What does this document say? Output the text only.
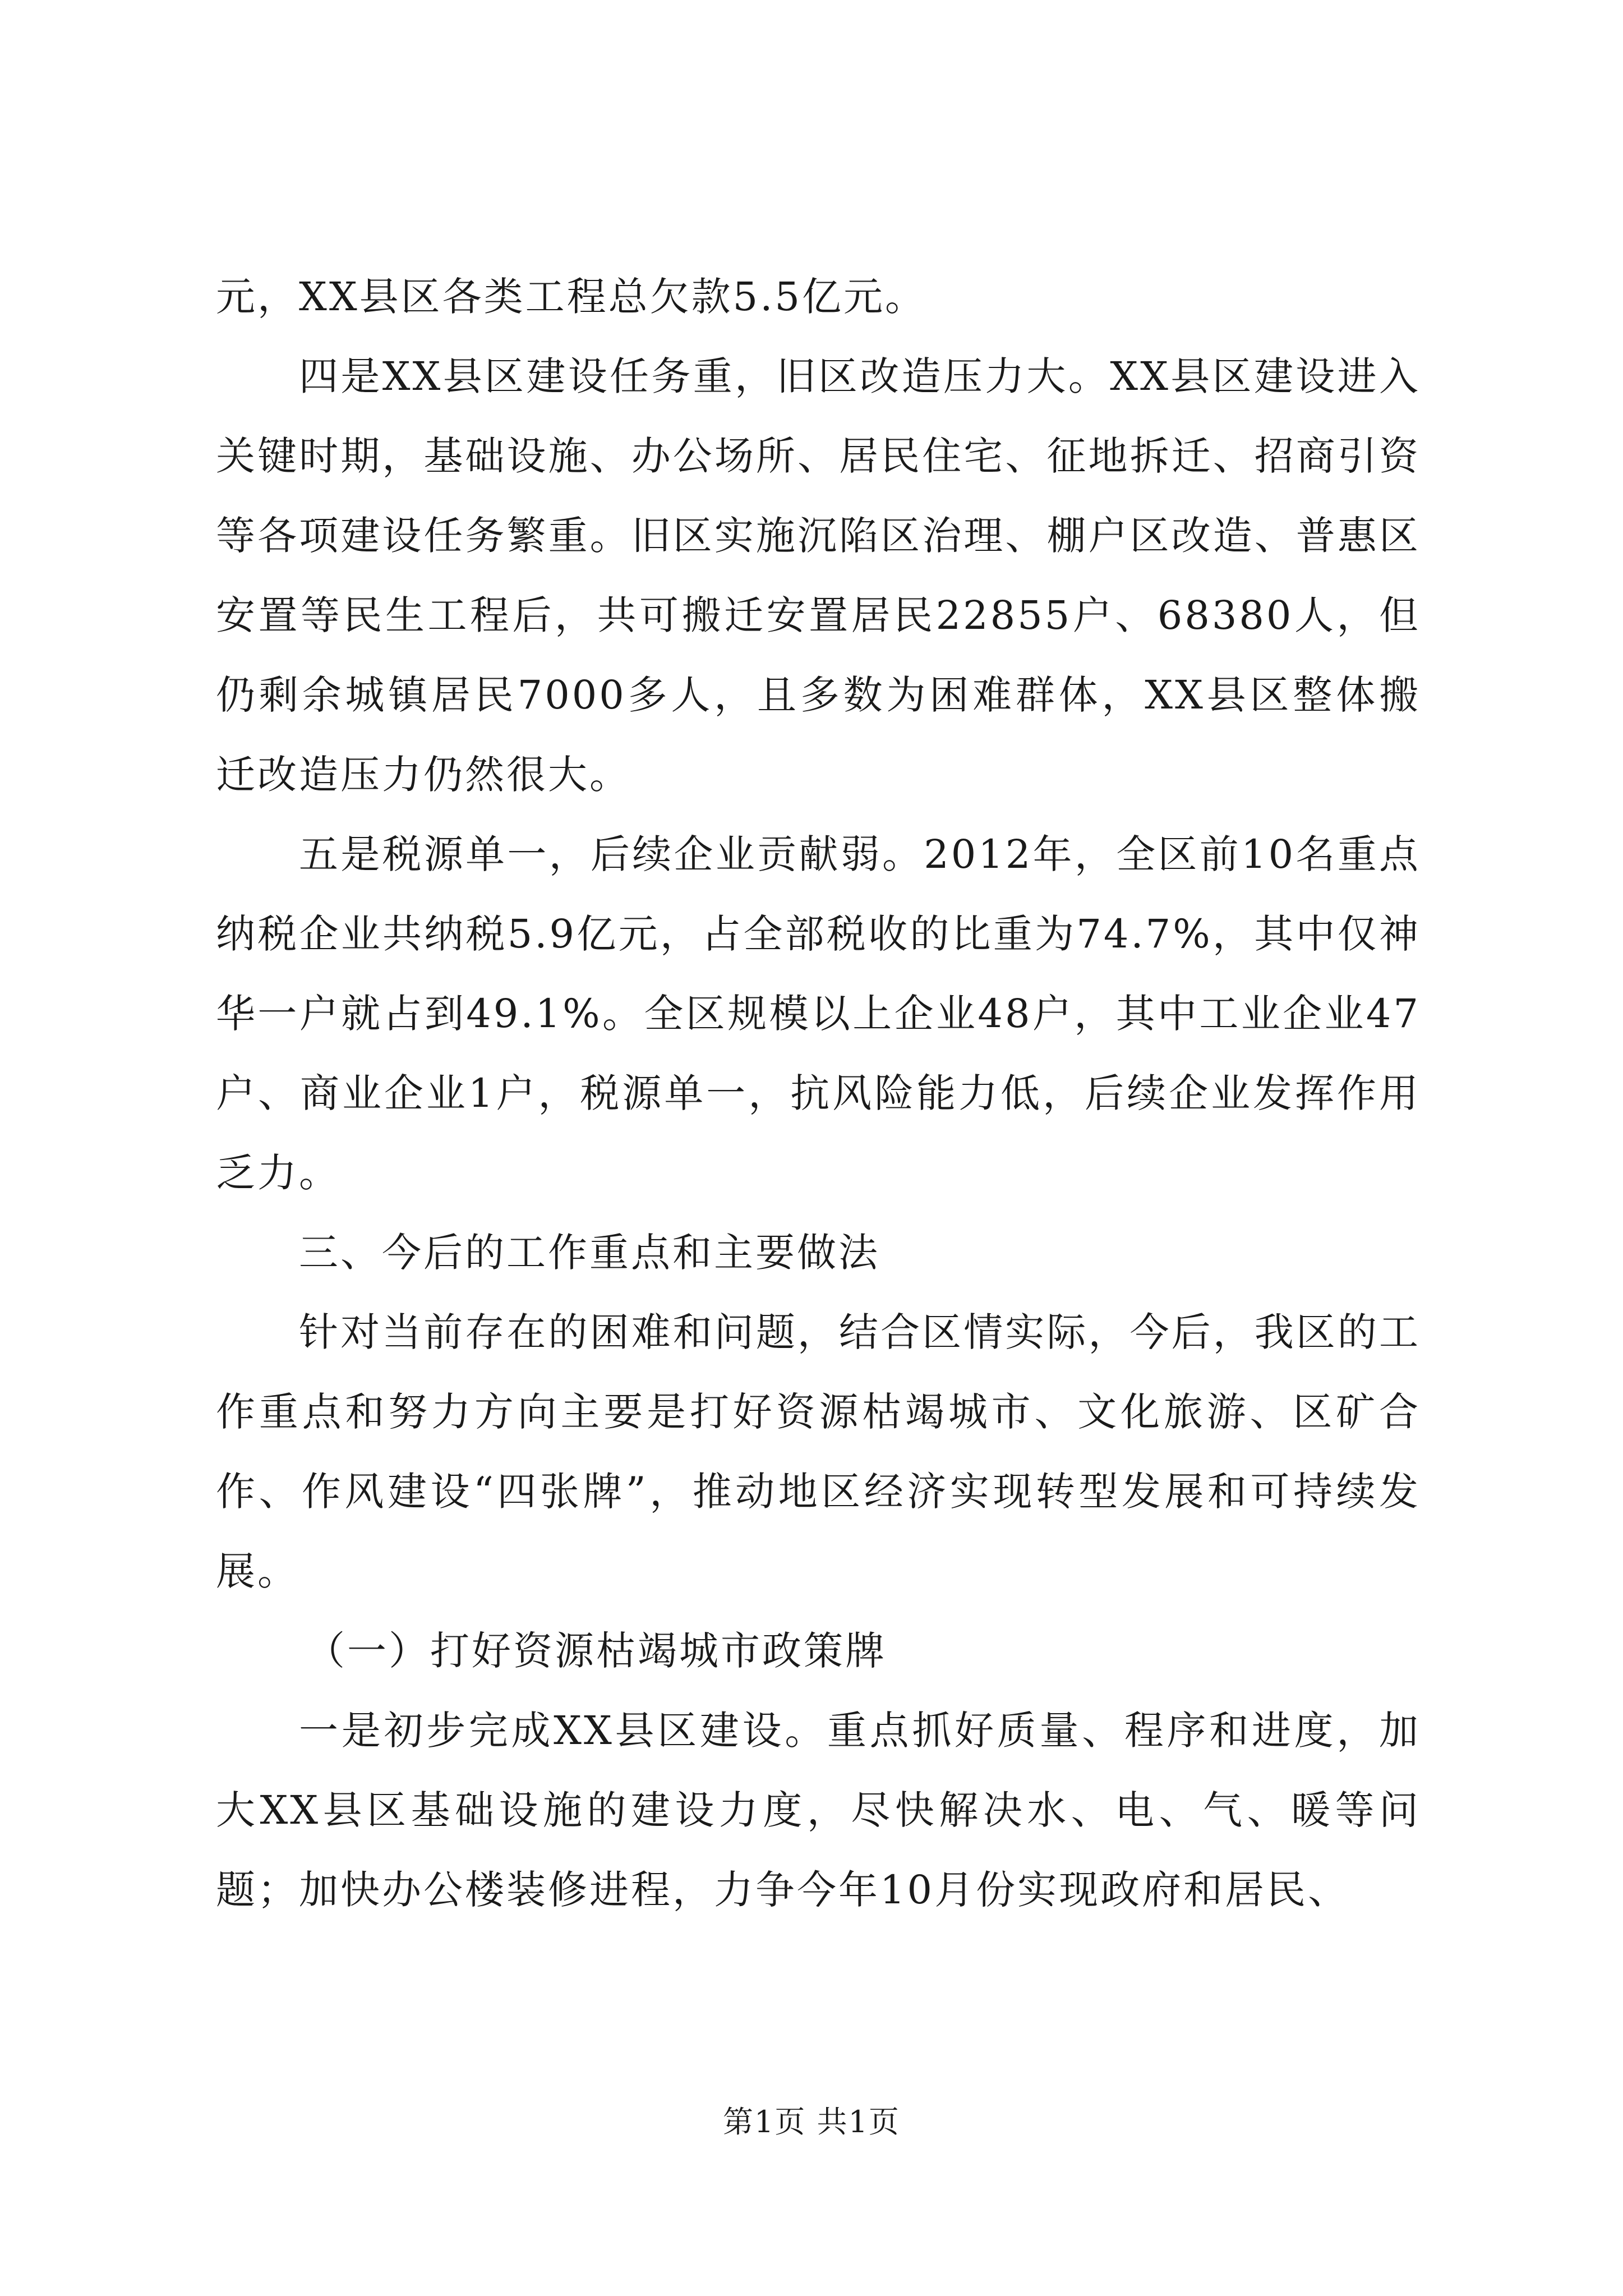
元，XX县区各类工程总欠款5.5亿元。

四是XX县区建设任务重，旧区改造压力大。XX县区建设进入关键时期，基础设施、办公场所、居民住宅、征地拆迁、招商引资等各项建设任务繁重。旧区实施沉陷区治理、棚户区改造、普惠区安置等民生工程后，共可搬迁安置居民22855户、68380人，但仍剩余城镇居民7000多人，且多数为困难群体，XX县区整体搬迁改造压力仍然很大。

五是税源单一，后续企业贡献弱。2012年，全区前10名重点纳税企业共纳税5.9亿元，占全部税收的比重为74.7%，其中仅神华一户就占到49.1%。全区规模以上企业48户，其中工业企业47户、商业企业1户，税源单一，抗风险能力低，后续企业发挥作用乏力。

三、今后的工作重点和主要做法

针对当前存在的困难和问题，结合区情实际，今后，我区的工作重点和努力方向主要是打好资源枯竭城市、文化旅游、区矿合作、作风建设“四张牌”，推动地区经济实现转型发展和可持续发展。

（一）打好资源枯竭城市政策牌

一是初步完成XX县区建设。重点抓好质量、程序和进度，加大XX县区基础设施的建设力度，尽快解决水、电、气、暖等问题；加快办公楼装修进程，力争今年10月份实现政府和居民、

第1页 共1页
